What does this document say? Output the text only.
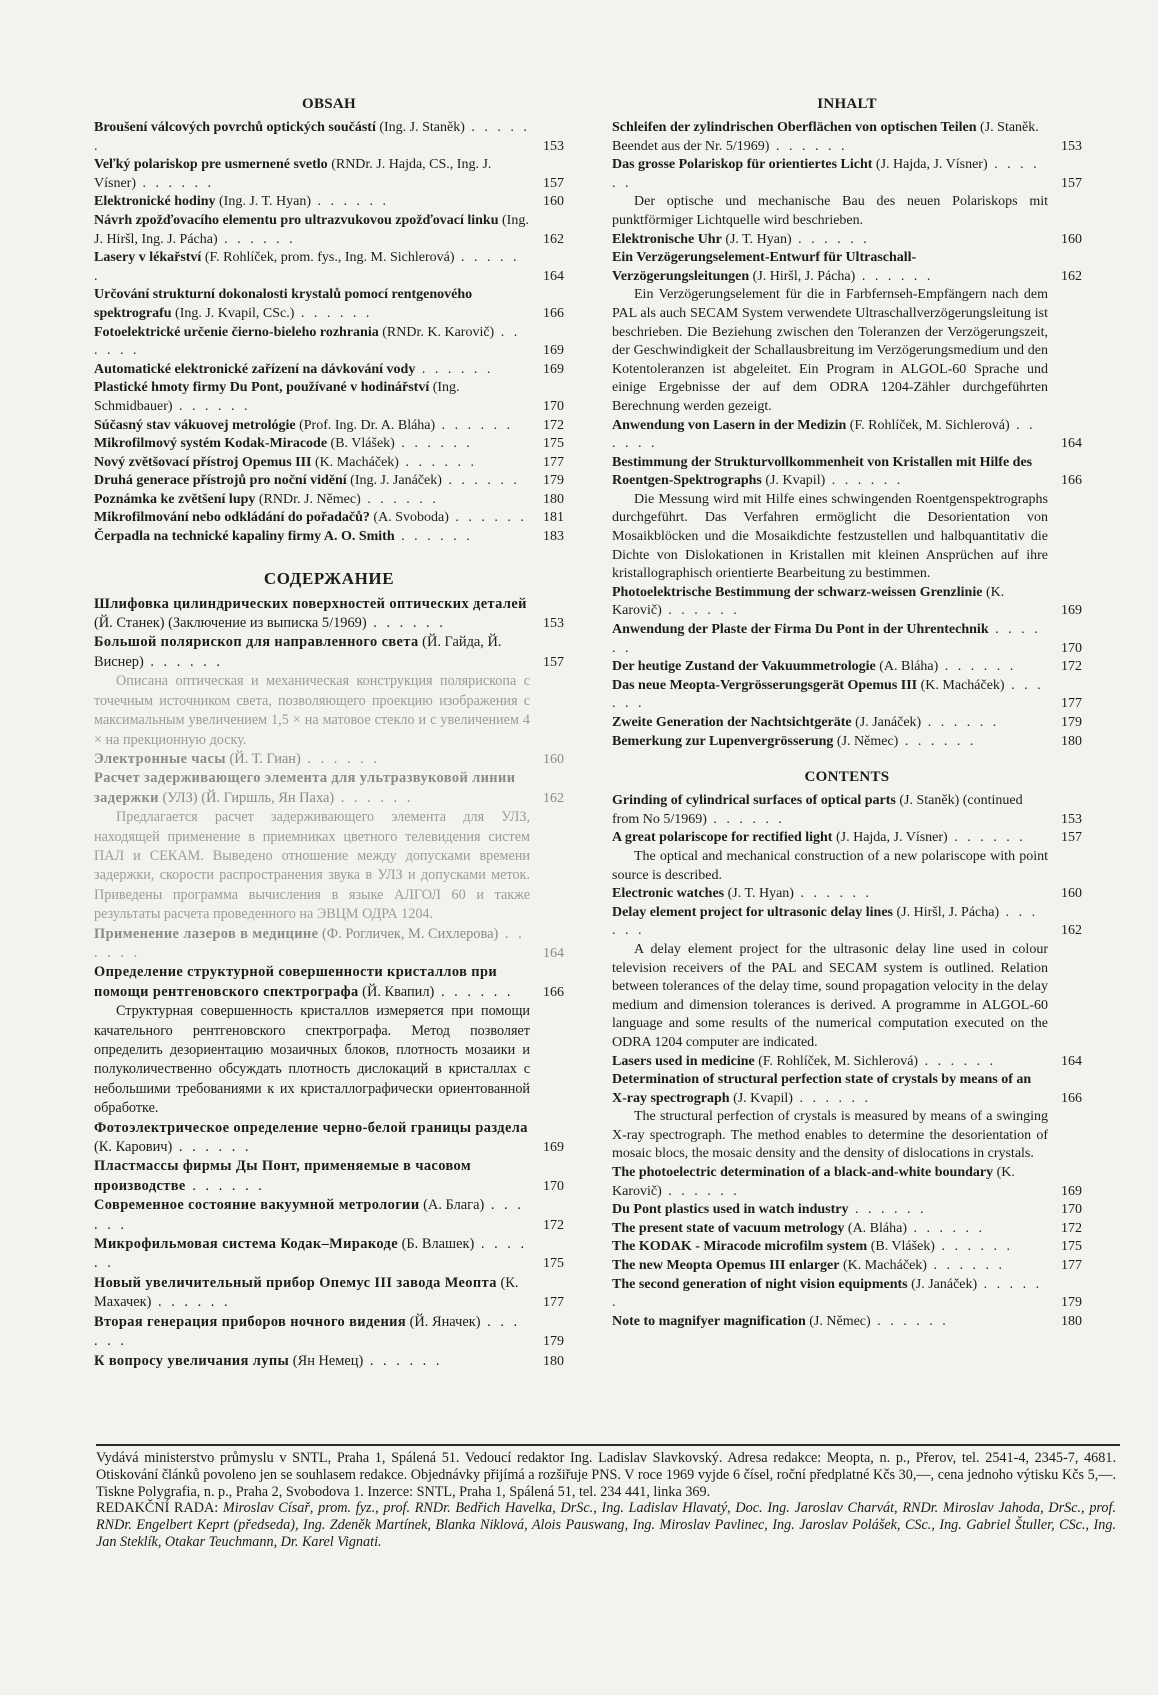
OBSAH
Broušení válcových povrchů optických součástí (Ing. J. Staněk) . . . . . .	153
Veľký polariskop pre usmernené svetlo (RNDr. J. Hajda, CS., Ing. J. Vísner) . . . . . .	157
Elektronické hodiny (Ing. J. T. Hyan) . . . . . .	160
Návrh zpožďovacího elementu pro ultrazvukovou zpožďovací linku (Ing. J. Hiršl, Ing. J. Pácha) . . . . . .	162
Lasery v lékařství (F. Rohlíček, prom. fys., Ing. M. Sichlerová) . . . . . .	164
Určování strukturní dokonalosti krystalů pomocí rentgenového spektrografu (Ing. J. Kvapil, CSc.) . . . . . .	166
Fotoelektrické určenie čierno-bieleho rozhrania (RNDr. K. Karovič) . . . . . .	169
Automatické elektronické zařízení na dávkování vody . . . . . .	169
Plastické hmoty firmy Du Pont, používané v hodinářství (Ing. Schmidbauer) . . . . . .	170
Súčasný stav vákuovej metrológie (Prof. Ing. Dr. A. Bláha) . . . . . . 172
Mikrofilmový systém Kodak-Miracode (B. Vlášek) . . . . . .	175
Nový zvětšovací přístroj Opemus III (K. Macháček) . . . . . .	177
Druhá generace přístrojů pro noční vidění (Ing. J. Janáček) . . . . . . 179
Poznámka ke zvětšení lupy (RNDr. J. Němec) . . . . . .	180
Mikrofilmování nebo odkládání do pořadačů? (A. Svoboda) . . . . . . 181
Čerpadla na technické kapaliny firmy A. O. Smith . . . . . .	183
СОДЕРЖАНИЕ
Шлифовка цилиндрических поверхностей оптических деталей (Й. Станек) (Заключение из выписка 5/1969) . . . . . .	153
Большой полярископ для направленного света (Й. Гайда, Й. Виснер) . . . . . .	157

Описана оптическая и механическая конструкция полярископа с точечным источником света, позволяющего проекцию изображения с максимальным увеличением 1,5 × на матовое стекло и с увеличением 4 × на прекционную доску.

Электронные часы (Й. Т. Гиан) . . . . . .	160
Расчет задерживающего элемента для ультразвуковой линии задержки (УЛЗ) (Й. Гиршль, Ян Паха) . . . . . .	162

Предлагается расчет задерживающего элемента для УЛЗ, находящей применение в приемниках цветного телевидения систем ПАЛ и СЕКАМ. Выведено отношение между допусками времени задержки, скорости распространения звука в УЛЗ и допусками меток. Приведены программа вычисления в языке АЛГОЛ 60 и также результаты расчета проведенного на ЭВЦМ ОДРА 1204.

Применение лазеров в медицине (Ф. Рогличек, М. Сихлерова) . . . . . .	164
Определение структурной совершенности кристаллов при помощи рентгеновского спектрографа (Й. Квапил) . . . . . . 166

Структурная совершенность кристаллов измеряется при помощи качательного рентгеновского спектрографа. Метод позволяет определить дезориентацию мозаичных блоков, плотность мозаики и полуколичественно обсуждать плотность дислокаций в кристаллах с небольшими требованиями к их кристаллографически ориентованной обработке.

Фотоэлектрическое определение черно-белой границы раздела (К. Карович) . . . . . .	169
Пластмассы фирмы Ды Понт, применяемые в часовом производстве . . . . . .	170
Современное состояние вакуумной метрологии (А. Блага) . . . . . .	172
Микрофильмовая система Кодак–Миракоде (Б. Влашек) . . . . . .	175
Новый увеличительный прибор Опемус III завода Меопта (К. Махачек) . . . . . .	177
Вторая генерация приборов ночного видения (Й. Яначек) . . . . . .	179
К вопросу увеличания лупы (Ян Немец) . . . . . .	180
INHALT
Schleifen der zylindrischen Oberflächen von optischen Teilen (J. Staněk. Beendet aus der Nr. 5/1969) . . . . . .	153
Das grosse Polariskop für orientiertes Licht (J. Hajda, J. Vísner) . . . . . .	157

Der optische und mechanische Bau des neuen Polariskops mit punktförmiger Lichtquelle wird beschrieben.

Elektronische Uhr (J. T. Hyan) . . . . . .	160
Ein Verzögerungselement-Entwurf für Ultraschall-Verzögerungsleitungen (J. Hiršl, J. Pácha) . . . . . .	162

Ein Verzögerungselement für die in Farbfernseh-Empfängern nach dem PAL als auch SECAM System verwendete Ultraschallverzögerungsleitung ist beschrieben. Die Beziehung zwischen den Toleranzen der Verzögerungszeit, der Geschwindigkeit der Schallausbreitung im Verzögerungsmedium und den Kotentoleranzen ist abgeleitet. Ein Program in ALGOL-60 Sprache und einige Ergebnisse der auf dem ODRA 1204-Zähler durchgeführten Berechnung werden gezeigt.

Anwendung von Lasern in der Medizin (F. Rohlíček, M. Sichlerová) . . . . . .	164
Bestimmung der Strukturvollkommenheit von Kristallen mit Hilfe des Roentgen-Spektrographs (J. Kvapil) . . . . . .	166

Die Messung wird mit Hilfe eines schwingenden Roentgenspektrographs durchgeführt. Das Verfahren ermöglicht die Desorientation von Mosaikblöcken und die Mosaikdichte festzustellen und halbquantitativ die Dichte von Dislokationen in Kristallen mit kleinen Ansprüchen auf ihre kristallographisch orientierte Bearbeitung zu bestimmen.

Photoelektrische Bestimmung der schwarz-weissen Grenzlinie (K. Karovič) . . . . . .	169
Anwendung der Plaste der Firma Du Pont in der Uhrentechnik . . . . . .	170
Der heutige Zustand der Vakuummetrologie (A. Bláha) . . . . . .	172
Das neue Meopta-Vergrösserungsgerät Opemus III (K. Macháček) . . . . . .	177
Zweite Generation der Nachtsichtgeräte (J. Janáček) . . . . . .	179
Bemerkung zur Lupenvergrösserung (J. Němec) . . . . . .	180
CONTENTS
Grinding of cylindrical surfaces of optical parts (J. Staněk) (continued from No 5/1969) . . . . . .	153
A great polariscope for rectified light (J. Hajda, J. Vísner) . . . . . .	157

The optical and mechanical construction of a new polariscope with point source is described.

Electronic watches (J. T. Hyan) . . . . . .	160
Delay element project for ultrasonic delay lines (J. Hiršl, J. Pácha) . . . . . .	162

A delay element project for the ultrasonic delay line used in colour television receivers of the PAL and SECAM system is outlined. Relation between tolerances of the delay time, sound propagation velocity in the delay medium and dimension tolerances is derived. A programme in ALGOL-60 language and some results of the numerical computation executed on the ODRA 1204 computer are indicated.

Lasers used in medicine (F. Rohlíček, M. Sichlerová) . . . . . .	164
Determination of structural perfection state of crystals by means of an X-ray spectrograph (J. Kvapil) . . . . . .	166

The structural perfection of crystals is measured by means of a swinging X-ray spectrograph. The method enables to determine the desorientation of mosaic blocs, the mosaic density and the density of dislocations in crystals.

The photoelectric determination of a black-and-white boundary (K. Karovič) . . . . . .	169
Du Pont plastics used in watch industry . . . . . .	170
The present state of vacuum metrology (A. Bláha) . . . . . .	172
The KODAK - Miracode microfilm system (B. Vlášek) . . . . . .	175
The new Meopta Opemus III enlarger (K. Macháček) . . . . . .	177
The second generation of night vision equipments (J. Janáček) . . . . . .	179
Note to magnifyer magnification (J. Němec) . . . . . .	180
Vydává ministerstvo průmyslu v SNTL, Praha 1, Spálená 51. Vedoucí redaktor Ing. Ladislav Slavkovský. Adresa redakce: Meopta, n. p., Přerov, tel. 2541-4, 2345-7, 4681. Otiskování článků povoleno jen se souhlasem redakce. Objednávky přijímá a rozšiřuje PNS. V roce 1969 vyjde 6 čísel, roční předplatné Kčs 30,—, cena jednoho výtisku Kčs 5,—. Tiskne Polygrafia, n. p., Praha 2, Svobodova 1. Inzerce: SNTL, Praha 1, Spálená 51, tel. 234 441, linka 369.
REDAKČNÍ RADA: Miroslav Císař, prom. fyz., prof. RNDr. Bedřich Havelka, DrSc., Ing. Ladislav Hlavatý, Doc. Ing. Jaroslav Charvát, RNDr. Miroslav Jahoda, DrSc., prof. RNDr. Engelbert Keprt (předseda), Ing. Zdeněk Martínek, Blanka Niklová, Alois Pauswang, Ing. Miroslav Pavlinec, Ing. Jaroslav Polášek, CSc., Ing. Gabriel Štuller, CSc., Ing. Jan Steklík, Otakar Teuchmann, Dr. Karel Vignati.
